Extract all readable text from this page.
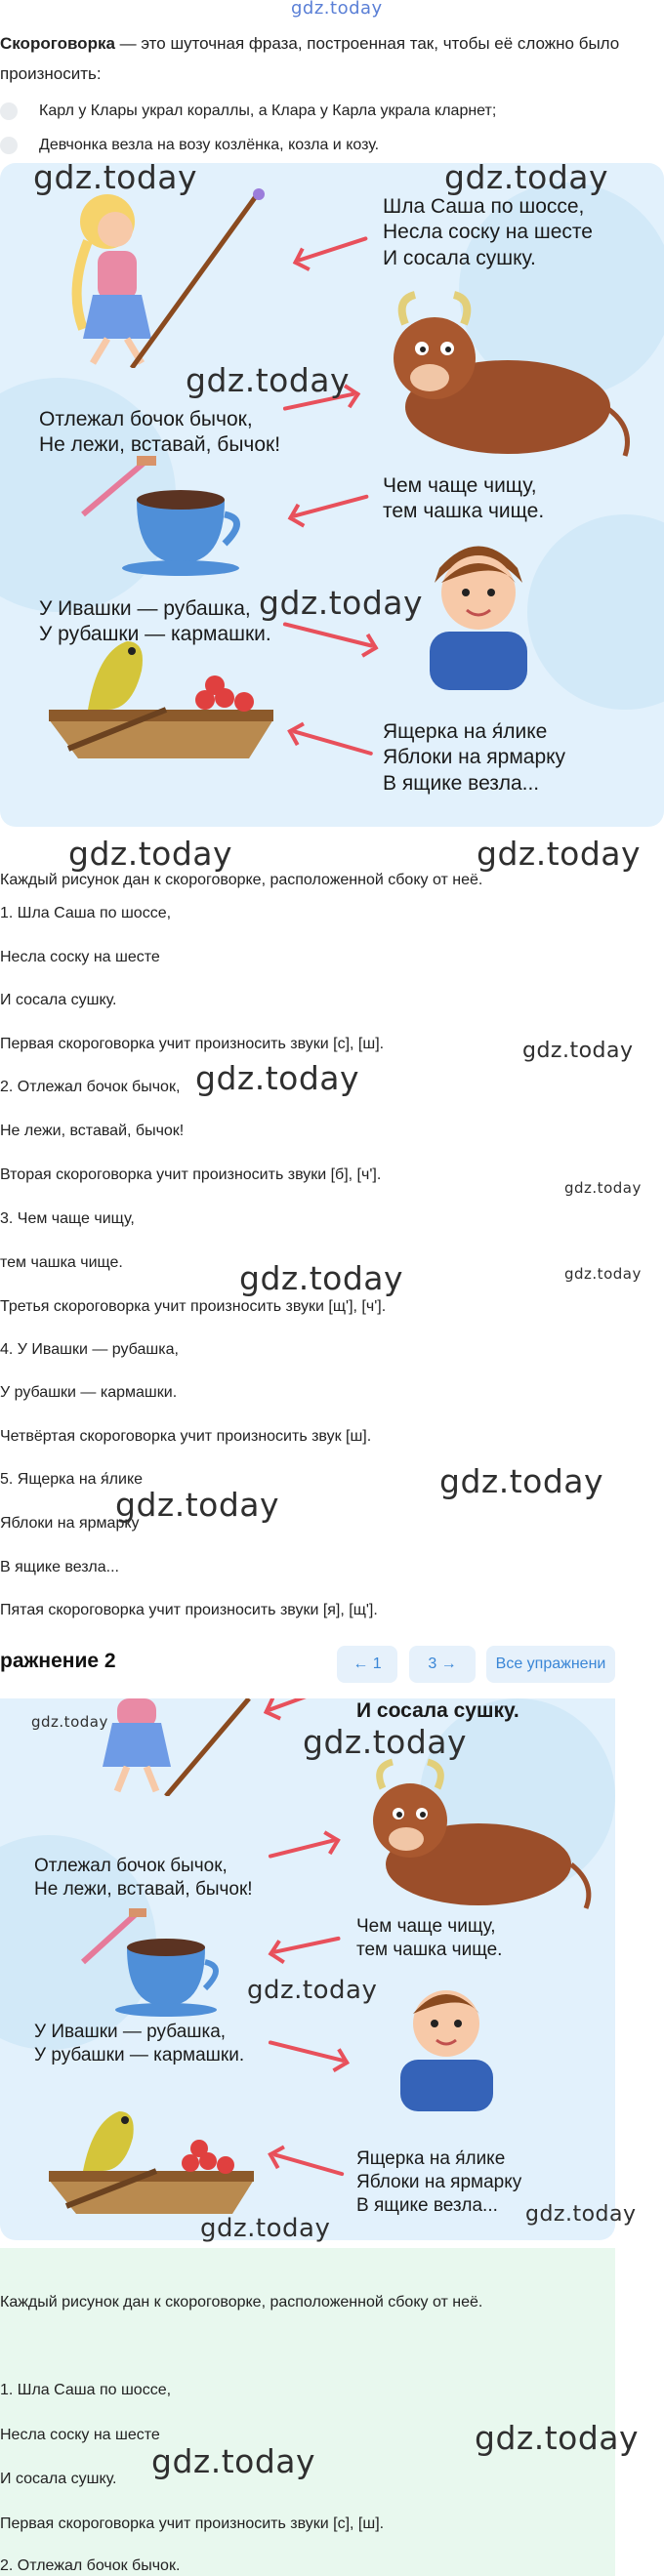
gdz.today
Скороговорка — это шуточная фраза, построенная так, чтобы её сложно было произносить:
Карл у Клары украл кораллы, а Клара у Карла украла кларнет;
Девчонка везла на возу козлёнка, козла и козу.
Шла Саша по шоссе,
Несла соску на шесте
И сосала сушку.
Отлежал бочок бычок,
Не лежи, вставай, бычок!
Чем чаще чищу,
тем чашка чище.
У Ивашки — рубашка,
У рубашки — кармашки.
Ящерка на я́лике
Яблоки на ярмарку
В ящике везла...
gdz.today	gdz.today
gdz.today
gdz.today
gdz.today	gdz.today
Каждый рисунок дан к скороговорке, расположенной сбоку от неё.
1. Шла Саша по шоссе,
Несла соску на шесте
И сосала сушку.
Первая скороговорка учит произносить звуки [с], [ш].	gdz.today
gdz.today
2. Отлежал бочок бычок,
Не лежи, вставай, бычок!
Вторая скороговорка учит произносить звуки [б], [ч'].
gdz.today
3. Чем чаще чищу,
gdz.today
тем чашка чище.	gdz.today
Третья скороговорка учит произносить звуки [щ'], [ч'].
4. У Ивашки — рубашка,
У рубашки — кармашки.
Четвёртая скороговорка учит произносить звук [ш].
5. Ящерка на я́лике	gdz.today
gdz.today
Яблоки на ярмарку
В ящике везла...
Пятая скороговорка учит произносить звуки [я], [щ'].
ражнение 2	← 1	3 →	Все упражнени
И сосала сушку.
Отлежал бочок бычок,
Не лежи, вставай, бычок!
Чем чаще чищу,
тем чашка чище.
У Ивашки — рубашка,
У рубашки — кармашки.
Ящерка на я́лике
Яблоки на ярмарку
В ящике везла...
gdz.today
gdz.today
gdz.today
gdz.today	gdz.today
Каждый рисунок дан к скороговорке, расположенной сбоку от неё.
1. Шла Саша по шоссе,
Несла соску на шесте	gdz.today
И сосала сушку. gdz.today
Первая скороговорка учит произносить звуки [с], [ш].
2. Отлежал бочок бычок.
